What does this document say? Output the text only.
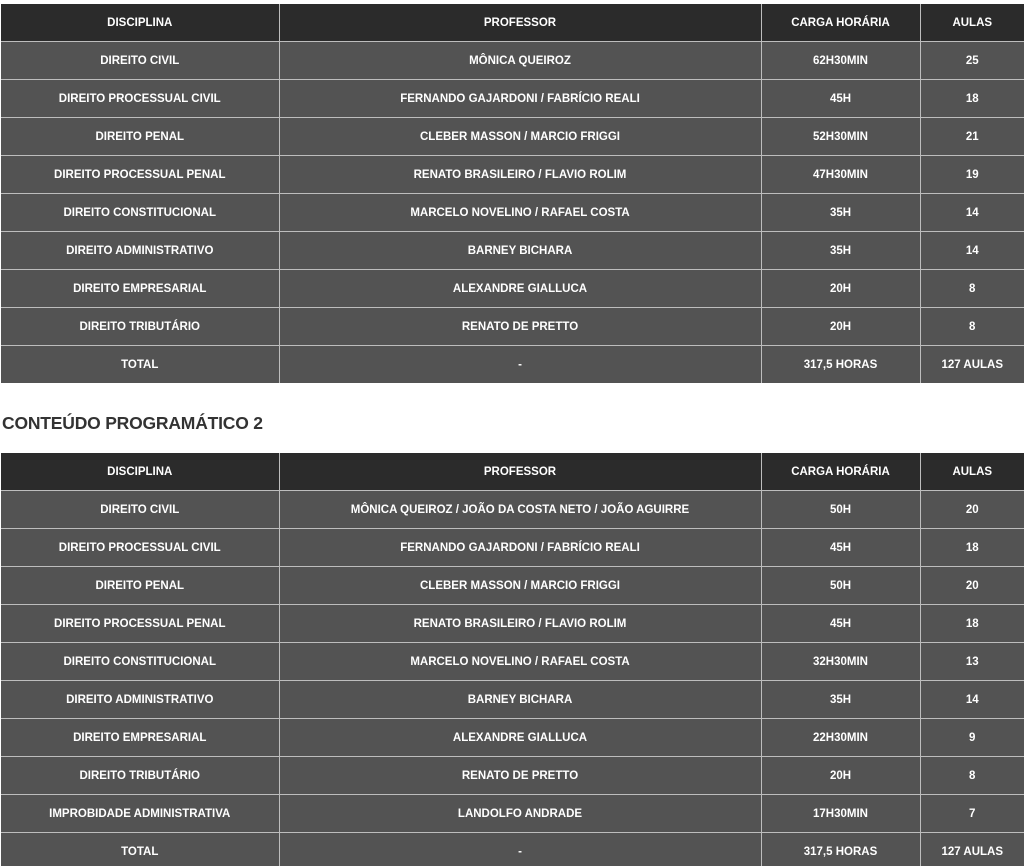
DISCIPLINA	PROFESSOR	CARGA HORÁRIA	AULAS
DIREITO CIVIL	MÔNICA QUEIROZ	62H30MIN	25
DIREITO PROCESSUAL CIVIL	FERNANDO GAJARDONI / FABRÍCIO REALI	45H	18
DIREITO PENAL	CLEBER MASSON / MARCIO FRIGGI	52H30MIN	21
DIREITO PROCESSUAL PENAL	RENATO BRASILEIRO / FLAVIO ROLIM	47H30MIN	19
DIREITO CONSTITUCIONAL	MARCELO NOVELINO / RAFAEL COSTA	35H	14
DIREITO ADMINISTRATIVO	BARNEY BICHARA	35H	14
DIREITO EMPRESARIAL	ALEXANDRE GIALLUCA	20H	8
DIREITO TRIBUTÁRIO	RENATO DE PRETTO	20H	8
TOTAL	-	317,5 HORAS	127 AULAS
CONTEÚDO PROGRAMÁTICO 2
DISCIPLINA	PROFESSOR	CARGA HORÁRIA	AULAS
DIREITO CIVIL	MÔNICA QUEIROZ / JOÃO DA COSTA NETO / JOÃO AGUIRRE	50H	20
DIREITO PROCESSUAL CIVIL	FERNANDO GAJARDONI / FABRÍCIO REALI	45H	18
DIREITO PENAL	CLEBER MASSON / MARCIO FRIGGI	50H	20
DIREITO PROCESSUAL PENAL	RENATO BRASILEIRO / FLAVIO ROLIM	45H	18
DIREITO CONSTITUCIONAL	MARCELO NOVELINO / RAFAEL COSTA	32H30MIN	13
DIREITO ADMINISTRATIVO	BARNEY BICHARA	35H	14
DIREITO EMPRESARIAL	ALEXANDRE GIALLUCA	22H30MIN	9
DIREITO TRIBUTÁRIO	RENATO DE PRETTO	20H	8
IMPROBIDADE ADMINISTRATIVA	LANDOLFO ANDRADE	17H30MIN	7
TOTAL	-	317,5 HORAS	127 AULAS
